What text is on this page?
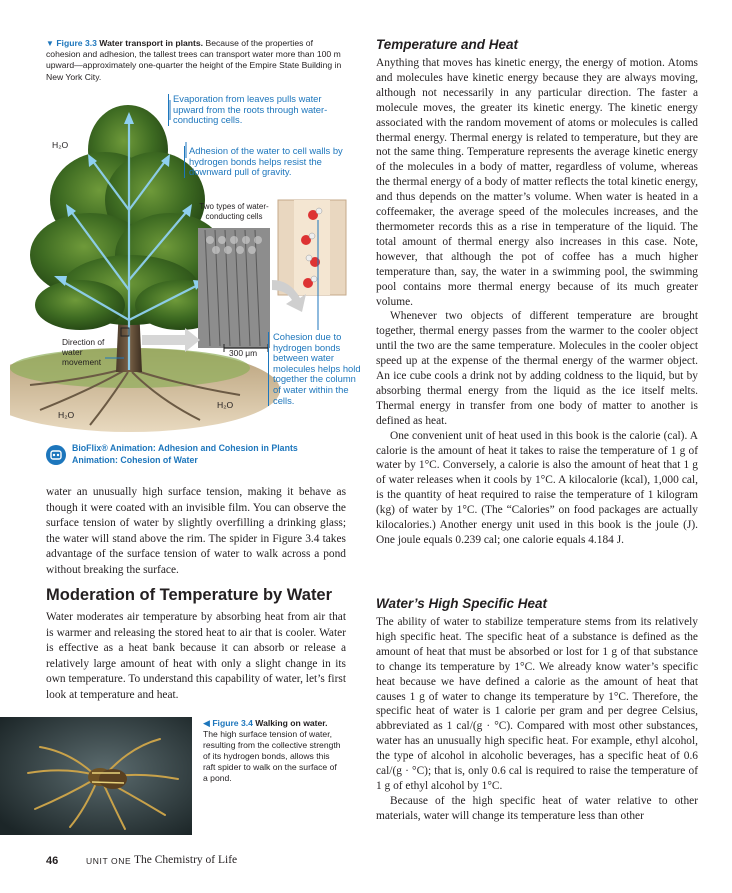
▼ Figure 3.3 Water transport in plants. Because of the properties of cohesion and adhesion, the tallest trees can transport water more than 100 m upward—approximately one-quarter the height of the Empire State Building in New York City.
Evaporation from leaves pulls water upward from the roots through water-conducting cells.
Adhesion of the water to cell walls by hydrogen bonds helps resist the downward pull of gravity.
Two types of water-conducting cells
Cohesion due to hydrogen bonds between water molecules helps hold together the column of water within the cells.
Direction of water movement
300 μm
H₂O
H₂O
H₂O
BioFlix® Animation: Adhesion and Cohesion in Plants
Animation: Cohesion of Water
water an unusually high surface tension, making it behave as though it were coated with an invisible film. You can observe the surface tension of water by slightly overfilling a drinking glass; the water will stand above the rim. The spider in Figure 3.4 takes advantage of the surface tension of water to walk across a pond without breaking the surface.
Moderation of Temperature by Water
Water moderates air temperature by absorbing heat from air that is warmer and releasing the stored heat to air that is cooler. Water is effective as a heat bank because it can absorb or release a relatively large amount of heat with only a slight change in its own temperature. To understand this capability of water, let’s first look at temperature and heat.
◀ Figure 3.4 Walking on water. The high surface tension of water, resulting from the collective strength of its hydrogen bonds, allows this raft spider to walk on the surface of a pond.
Temperature and Heat

Anything that moves has kinetic energy, the energy of motion. Atoms and molecules have kinetic energy because they are always moving, although not necessarily in any particular direction. The faster a molecule moves, the greater its kinetic energy. The kinetic energy associated with the random movement of atoms or molecules is called thermal energy. Thermal energy is related to temperature, but they are not the same thing. Temperature represents the average kinetic energy of the molecules in a body of matter, regardless of volume, whereas the thermal energy of a body of matter reflects the total kinetic energy, and thus depends on the matter’s volume. When water is heated in a coffeemaker, the average speed of the molecules increases, and the thermometer records this as a rise in temperature of the liquid. The total amount of thermal energy also increases in this case. Note, however, that although the pot of coffee has a much higher temperature than, say, the water in a swimming pool, the swimming pool contains more thermal energy because of its much greater volume.

Whenever two objects of different temperature are brought together, thermal energy passes from the warmer to the cooler object until the two are the same temperature. Molecules in the cooler object speed up at the expense of the thermal energy of the warmer object. An ice cube cools a drink not by adding coldness to the liquid, but by absorbing thermal energy from the liquid as the ice itself melts. Thermal energy in transfer from one body of matter to another is defined as heat.

One convenient unit of heat used in this book is the calorie (cal). A calorie is the amount of heat it takes to raise the temperature of 1 g of water by 1°C. Conversely, a calorie is also the amount of heat that 1 g of water releases when it cools by 1°C. A kilocalorie (kcal), 1,000 cal, is the quantity of heat required to raise the temperature of 1 kilogram (kg) of water by 1°C. (The “Calories” on food packages are actually kilocalories.) Another energy unit used in this book is the joule (J). One joule equals 0.239 cal; one calorie equals 4.184 J.

Water’s High Specific Heat

The ability of water to stabilize temperature stems from its relatively high specific heat. The specific heat of a substance is defined as the amount of heat that must be absorbed or lost for 1 g of that substance to change its temperature by 1°C. We already know water’s specific heat because we have defined a calorie as the amount of heat that causes 1 g of water to change its temperature by 1°C. Therefore, the specific heat of water is 1 calorie per gram and per degree Celsius, abbreviated as 1 cal/(g · °C). Compared with most other substances, water has an unusually high specific heat. For example, ethyl alcohol, the type of alcohol in alcoholic beverages, has a specific heat of 0.6 cal/(g · °C); that is, only 0.6 cal is required to raise the temperature of 1 g of ethyl alcohol by 1°C.

Because of the high specific heat of water relative to other materials, water will change its temperature less than other

46	UNIT ONE The Chemistry of Life
